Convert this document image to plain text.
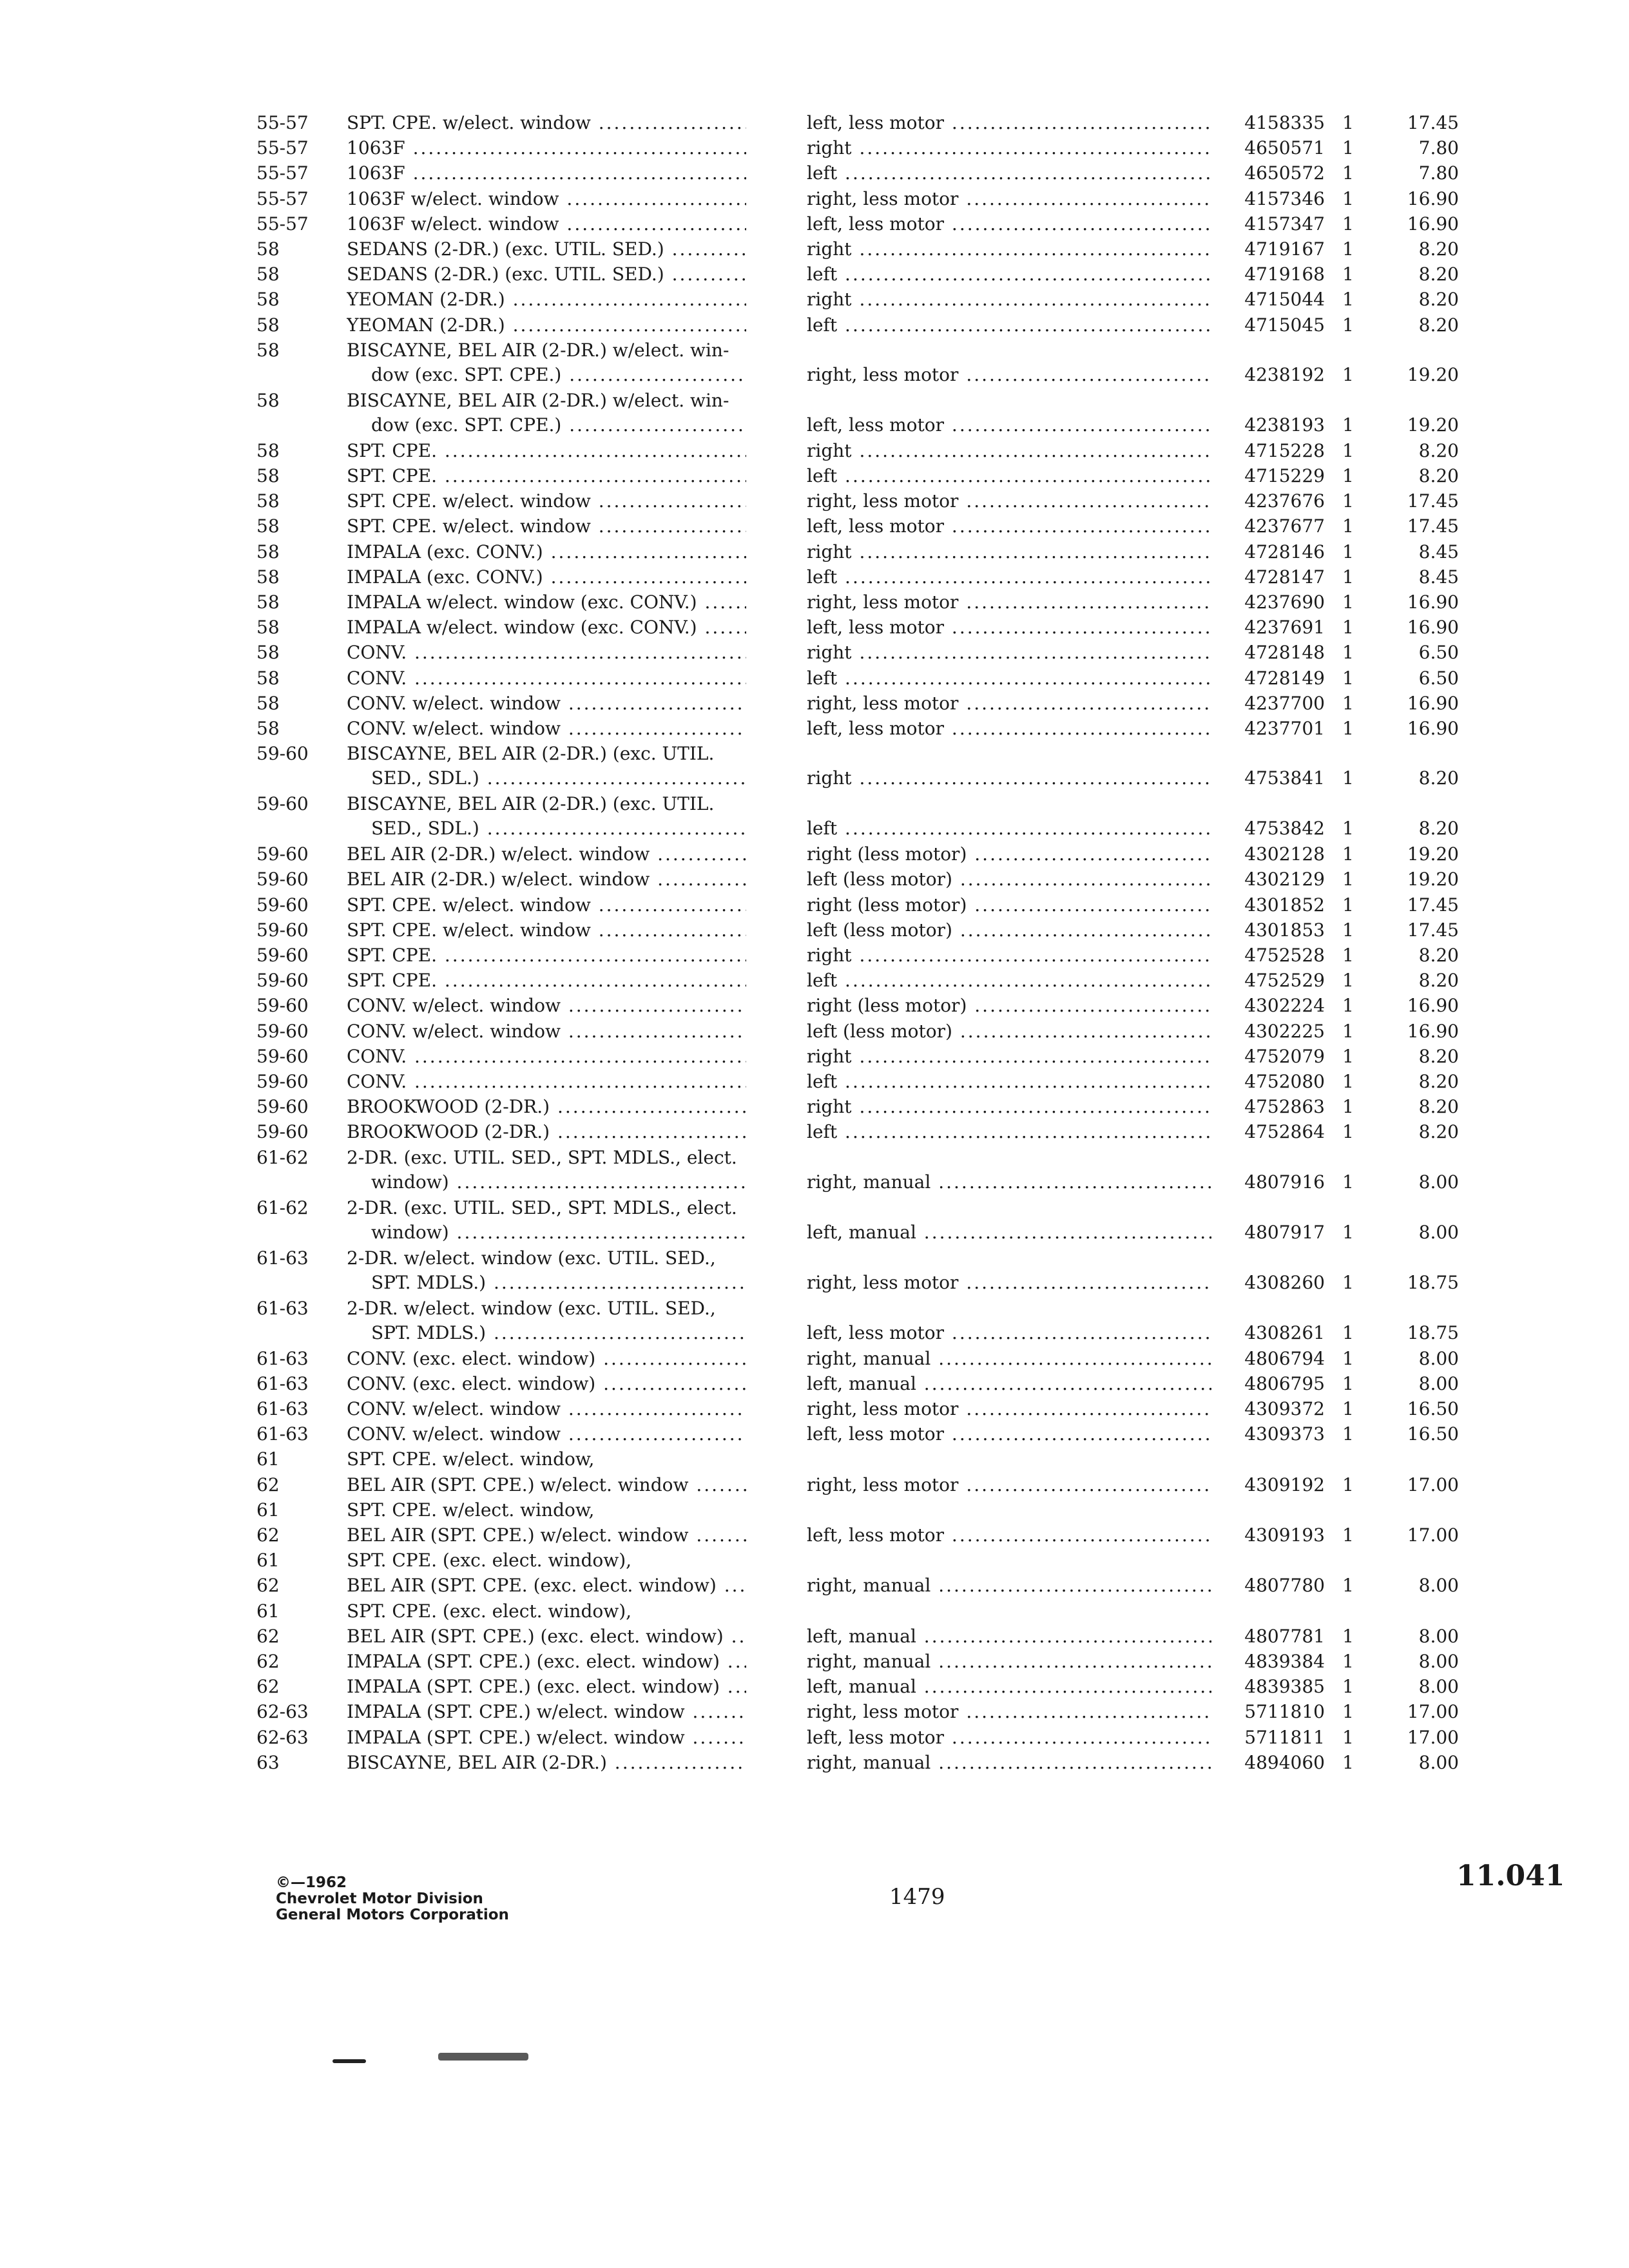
55-57	SPT. CPE. w/elect. window .....	left, less motor .....	4158335 1	17.45
55-57	1063F .....	right .....	4650571 1	7.80
55-57	1063F .....	left .....	4650572 1	7.80
55-57	1063F w/elect. window .....	right, less motor .....	4157346 1	16.90
55-57	1063F w/elect. window .....	left, less motor .....	4157347 1	16.90
58	SEDANS (2-DR.) (exc. UTIL. SED.) .....	right .....	4719167 1	8.20
58	SEDANS (2-DR.) (exc. UTIL. SED.) .....	left .....	4719168 1	8.20
58	YEOMAN (2-DR.) .....	right .....	4715044 1	8.20
58	YEOMAN (2-DR.) .....	left .....	4715045 1	8.20
58	BISCAYNE, BEL AIR (2-DR.) w/elect. win-
dow (exc. SPT. CPE.) .....	right, less motor .....	4238192 1	19.20
58	BISCAYNE, BEL AIR (2-DR.) w/elect. win-
dow (exc. SPT. CPE.) .....	left, less motor .....	4238193 1	19.20
58	SPT. CPE. .....	right .....	4715228 1	8.20
58	SPT. CPE. .....	left .....	4715229 1	8.20
58	SPT. CPE. w/elect. window .....	right, less motor .....	4237676 1	17.45
58	SPT. CPE. w/elect. window .....	left, less motor .....	4237677 1	17.45
58	IMPALA (exc. CONV.) .....	right .....	4728146 1	8.45
58	IMPALA (exc. CONV.) .....	left .....	4728147 1	8.45
58	IMPALA w/elect. window (exc. CONV.) .....	right, less motor .....	4237690 1	16.90
58	IMPALA w/elect. window (exc. CONV.) .....	left, less motor .....	4237691 1	16.90
58	CONV. .....	right .....	4728148 1	6.50
58	CONV. .....	left .....	4728149 1	6.50
58	CONV. w/elect. window .....	right, less motor .....	4237700 1	16.90
58	CONV. w/elect. window .....	left, less motor .....	4237701 1	16.90
59-60	BISCAYNE, BEL AIR (2-DR.) (exc. UTIL.
SED., SDL.) .....	right .....	4753841 1	8.20
59-60	BISCAYNE, BEL AIR (2-DR.) (exc. UTIL.
SED., SDL.) .....	left .....	4753842 1	8.20
59-60	BEL AIR (2-DR.) w/elect. window .....	right (less motor) .....	4302128 1	19.20
59-60	BEL AIR (2-DR.) w/elect. window .....	left (less motor) .....	4302129 1	19.20
59-60	SPT. CPE. w/elect. window .....	right (less motor) .....	4301852 1	17.45
59-60	SPT. CPE. w/elect. window .....	left (less motor) .....	4301853 1	17.45
59-60	SPT. CPE. .....	right .....	4752528 1	8.20
59-60	SPT. CPE. .....	left .....	4752529 1	8.20
59-60	CONV. w/elect. window .....	right (less motor) .....	4302224 1	16.90
59-60	CONV. w/elect. window .....	left (less motor) .....	4302225 1	16.90
59-60	CONV. .....	right .....	4752079 1	8.20
59-60	CONV. .....	left .....	4752080 1	8.20
59-60	BROOKWOOD (2-DR.) .....	right .....	4752863 1	8.20
59-60	BROOKWOOD (2-DR.) .....	left .....	4752864 1	8.20
61-62	2-DR. (exc. UTIL. SED., SPT. MDLS., elect.
window) .....	right, manual .....	4807916 1	8.00
61-62	2-DR. (exc. UTIL. SED., SPT. MDLS., elect.
window) .....	left, manual .....	4807917 1	8.00
61-63	2-DR. w/elect. window (exc. UTIL. SED.,
SPT. MDLS.) .....	right, less motor .....	4308260 1	18.75
61-63	2-DR. w/elect. window (exc. UTIL. SED.,
SPT. MDLS.) .....	left, less motor .....	4308261 1	18.75
61-63	CONV. (exc. elect. window) .....	right, manual .....	4806794 1	8.00
61-63	CONV. (exc. elect. window) .....	left, manual .....	4806795 1	8.00
61-63	CONV. w/elect. window .....	right, less motor .....	4309372 1	16.50
61-63	CONV. w/elect. window .....	left, less motor .....	4309373 1	16.50
61	SPT. CPE. w/elect. window,
62	BEL AIR (SPT. CPE.) w/elect. window .....	right, less motor .....	4309192 1	17.00
61	SPT. CPE. w/elect. window,
62	BEL AIR (SPT. CPE.) w/elect. window .....	left, less motor .....	4309193 1	17.00
61	SPT. CPE. (exc. elect. window),
62	BEL AIR (SPT. CPE. (exc. elect. window) .....	right, manual .....	4807780 1	8.00
61	SPT. CPE. (exc. elect. window),
62	BEL AIR (SPT. CPE.) (exc. elect. window) .....	left, manual .....	4807781 1	8.00
62	IMPALA (SPT. CPE.) (exc. elect. window) .....	right, manual .....	4839384 1	8.00
62	IMPALA (SPT. CPE.) (exc. elect. window) .....	left, manual .....	4839385 1	8.00
62-63	IMPALA (SPT. CPE.) w/elect. window .....	right, less motor .....	5711810 1	17.00
62-63	IMPALA (SPT. CPE.) w/elect. window .....	left, less motor .....	5711811 1	17.00
63	BISCAYNE, BEL AIR (2-DR.) .....	right, manual .....	4894060 1	8.00
©—1962
Chevrolet Motor Division
General Motors Corporation
1479
11.041
